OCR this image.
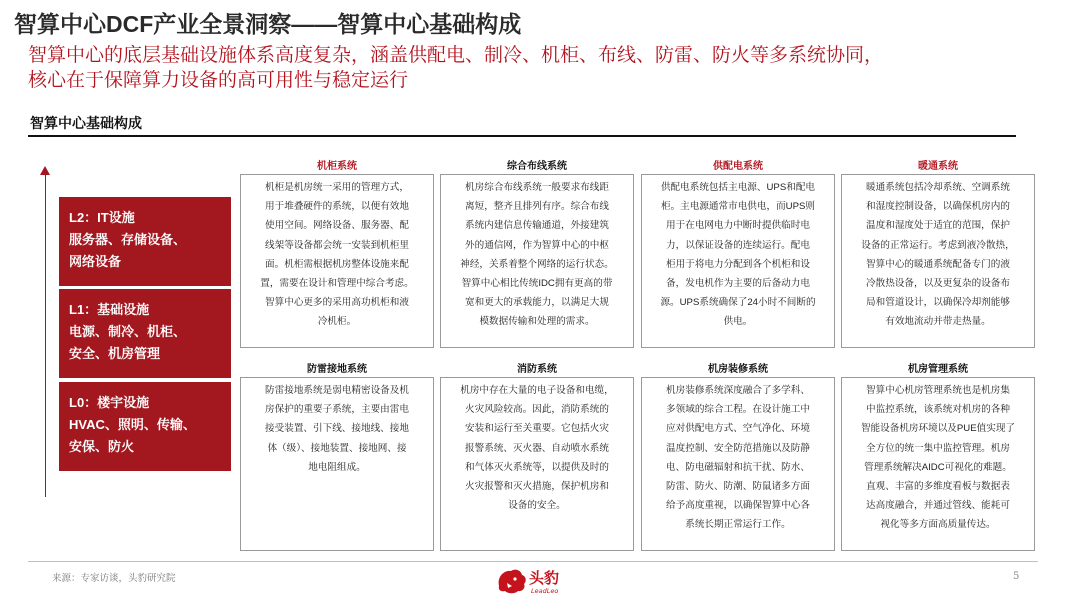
智算中心DCF产业全景洞察——智算中心基础构成
智算中心的底层基础设施体系高度复杂，涵盖供配电、制冷、机柜、布线、防雷、防火等多系统协同，
核心在于保障算力设备的高可用性与稳定运行
智算中心基础构成
L2：IT设施
服务器、存储设备、
网络设备
L1：基础设施
电源、制冷、机柜、
安全、机房管理
L0：楼宇设施
HVAC、照明、传输、
安保、防火
机柜系统
机柜是机房统一采用的管理方式，
用于堆叠硬件的系统，以便有效地
使用空间。网络设备、服务器、配
线架等设备都会统一安装到机柜里
面。机柜需根据机房整体设施来配
置，需要在设计和管理中综合考虑。
智算中心更多的采用高功机柜和液
冷机柜。
综合布线系统
机房综合布线系统一般要求布线距
离短，整齐且排列有序。综合布线
系统内建信息传输通道，外接建筑
外的通信网，作为智算中心的中枢
神经，关系着整个网络的运行状态。
智算中心相比传统IDC拥有更高的带
宽和更大的承载能力，以满足大规
模数据传输和处理的需求。
供配电系统
供配电系统包括主电源、UPS和配电
柜。主电源通常市电供电，而UPS则
用于在电网电力中断时提供临时电
力，以保证设备的连续运行。配电
柜用于将电力分配到各个机柜和设
备，发电机作为主要的后备动力电
源。UPS系统确保了24小时不间断的
供电。
暖通系统
暖通系统包括冷却系统、空调系统
和湿度控制设备，以确保机房内的
温度和湿度处于适宜的范围，保护
设备的正常运行。考虑到液冷散热，
智算中心的暖通系统配备专门的液
冷散热设备，以及更复杂的设备布
局和管道设计，以确保冷却剂能够
有效地流动并带走热量。
防雷接地系统
防雷接地系统是弱电精密设备及机
房保护的重要子系统，主要由雷电
接受装置、引下线、接地线、接地
体（级）、接地装置、接地网、接
地电阻组成。
消防系统
机房中存在大量的电子设备和电缆，
火灾风险较高。因此，消防系统的
安装和运行至关重要。它包括火灾
报警系统、灭火器、自动喷水系统
和气体灭火系统等，以提供及时的
火灾报警和灭火措施，保护机房和
设备的安全。
机房装修系统
机房装修系统深度融合了多学科、
多领域的综合工程。在设计施工中
应对供配电方式、空气净化、环境
温度控制、安全防范措施以及防静
电、防电磁辐射和抗干扰、防水、
防雷、防火、防潮、防鼠诸多方面
给予高度重视，以确保智算中心各
系统长期正常运行工作。
机房管理系统
智算中心机房管理系统也是机房集
中监控系统，该系统对机房的各种
智能设备机房环境以及PUE值实现了
全方位的统一集中监控管理。机房
管理系统解决AIDC可视化的难题。
直观、丰富的多维度看板与数据表
达高度融合，并通过管线、能耗可
视化等多方面高质量传达。
来源：专家访谈，头豹研究院	头豹
LeadLeo
5
